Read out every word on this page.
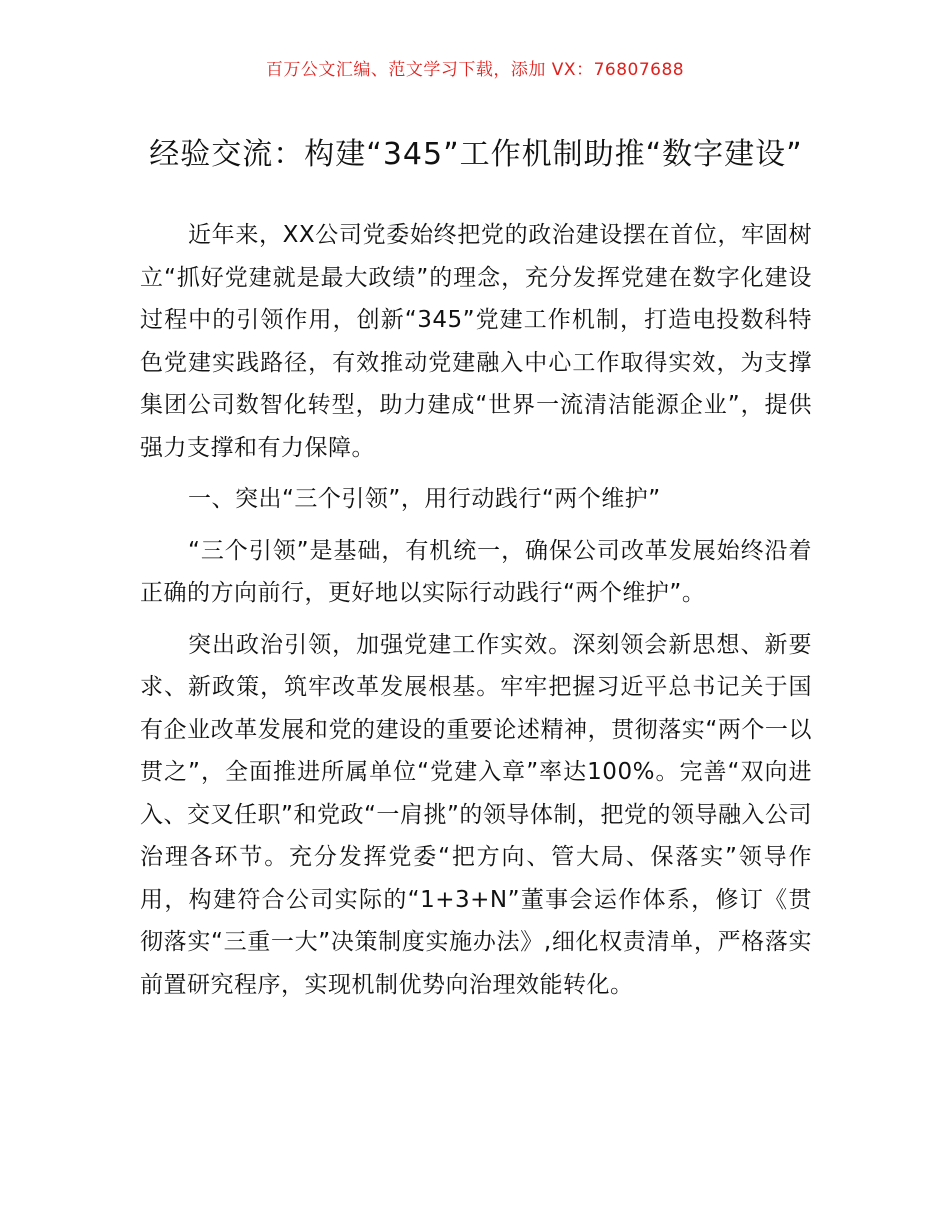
百万公文汇编、范文学习下载，添加 VX：76807688
经验交流：构建“345”工作机制助推“数字建设”

近年来，XX公司党委始终把党的政治建设摆在首位，牢固树立“抓好党建就是最大政绩”的理念，充分发挥党建在数字化建设过程中的引领作用，创新“345”党建工作机制，打造电投数科特色党建实践路径，有效推动党建融入中心工作取得实效，为支撑集团公司数智化转型，助力建成“世界一流清洁能源企业”，提供强力支撑和有力保障。

一、突出“三个引领”，用行动践行“两个维护”

“三个引领”是基础，有机统一，确保公司改革发展始终沿着正确的方向前行，更好地以实际行动践行“两个维护”。

突出政治引领，加强党建工作实效。深刻领会新思想、新要求、新政策，筑牢改革发展根基。牢牢把握习近平总书记关于国有企业改革发展和党的建设的重要论述精神，贯彻落实“两个一以贯之”，全面推进所属单位“党建入章”率达100%。完善“双向进入、交叉任职”和党政“一肩挑”的领导体制，把党的领导融入公司治理各环节。充分发挥党委“把方向、管大局、保落实”领导作用，构建符合公司实际的“1+3+N”董事会运作体系，修订《贯彻落实“三重一大”决策制度实施办法》,细化权责清单，严格落实前置研究程序，实现机制优势向治理效能转化。
